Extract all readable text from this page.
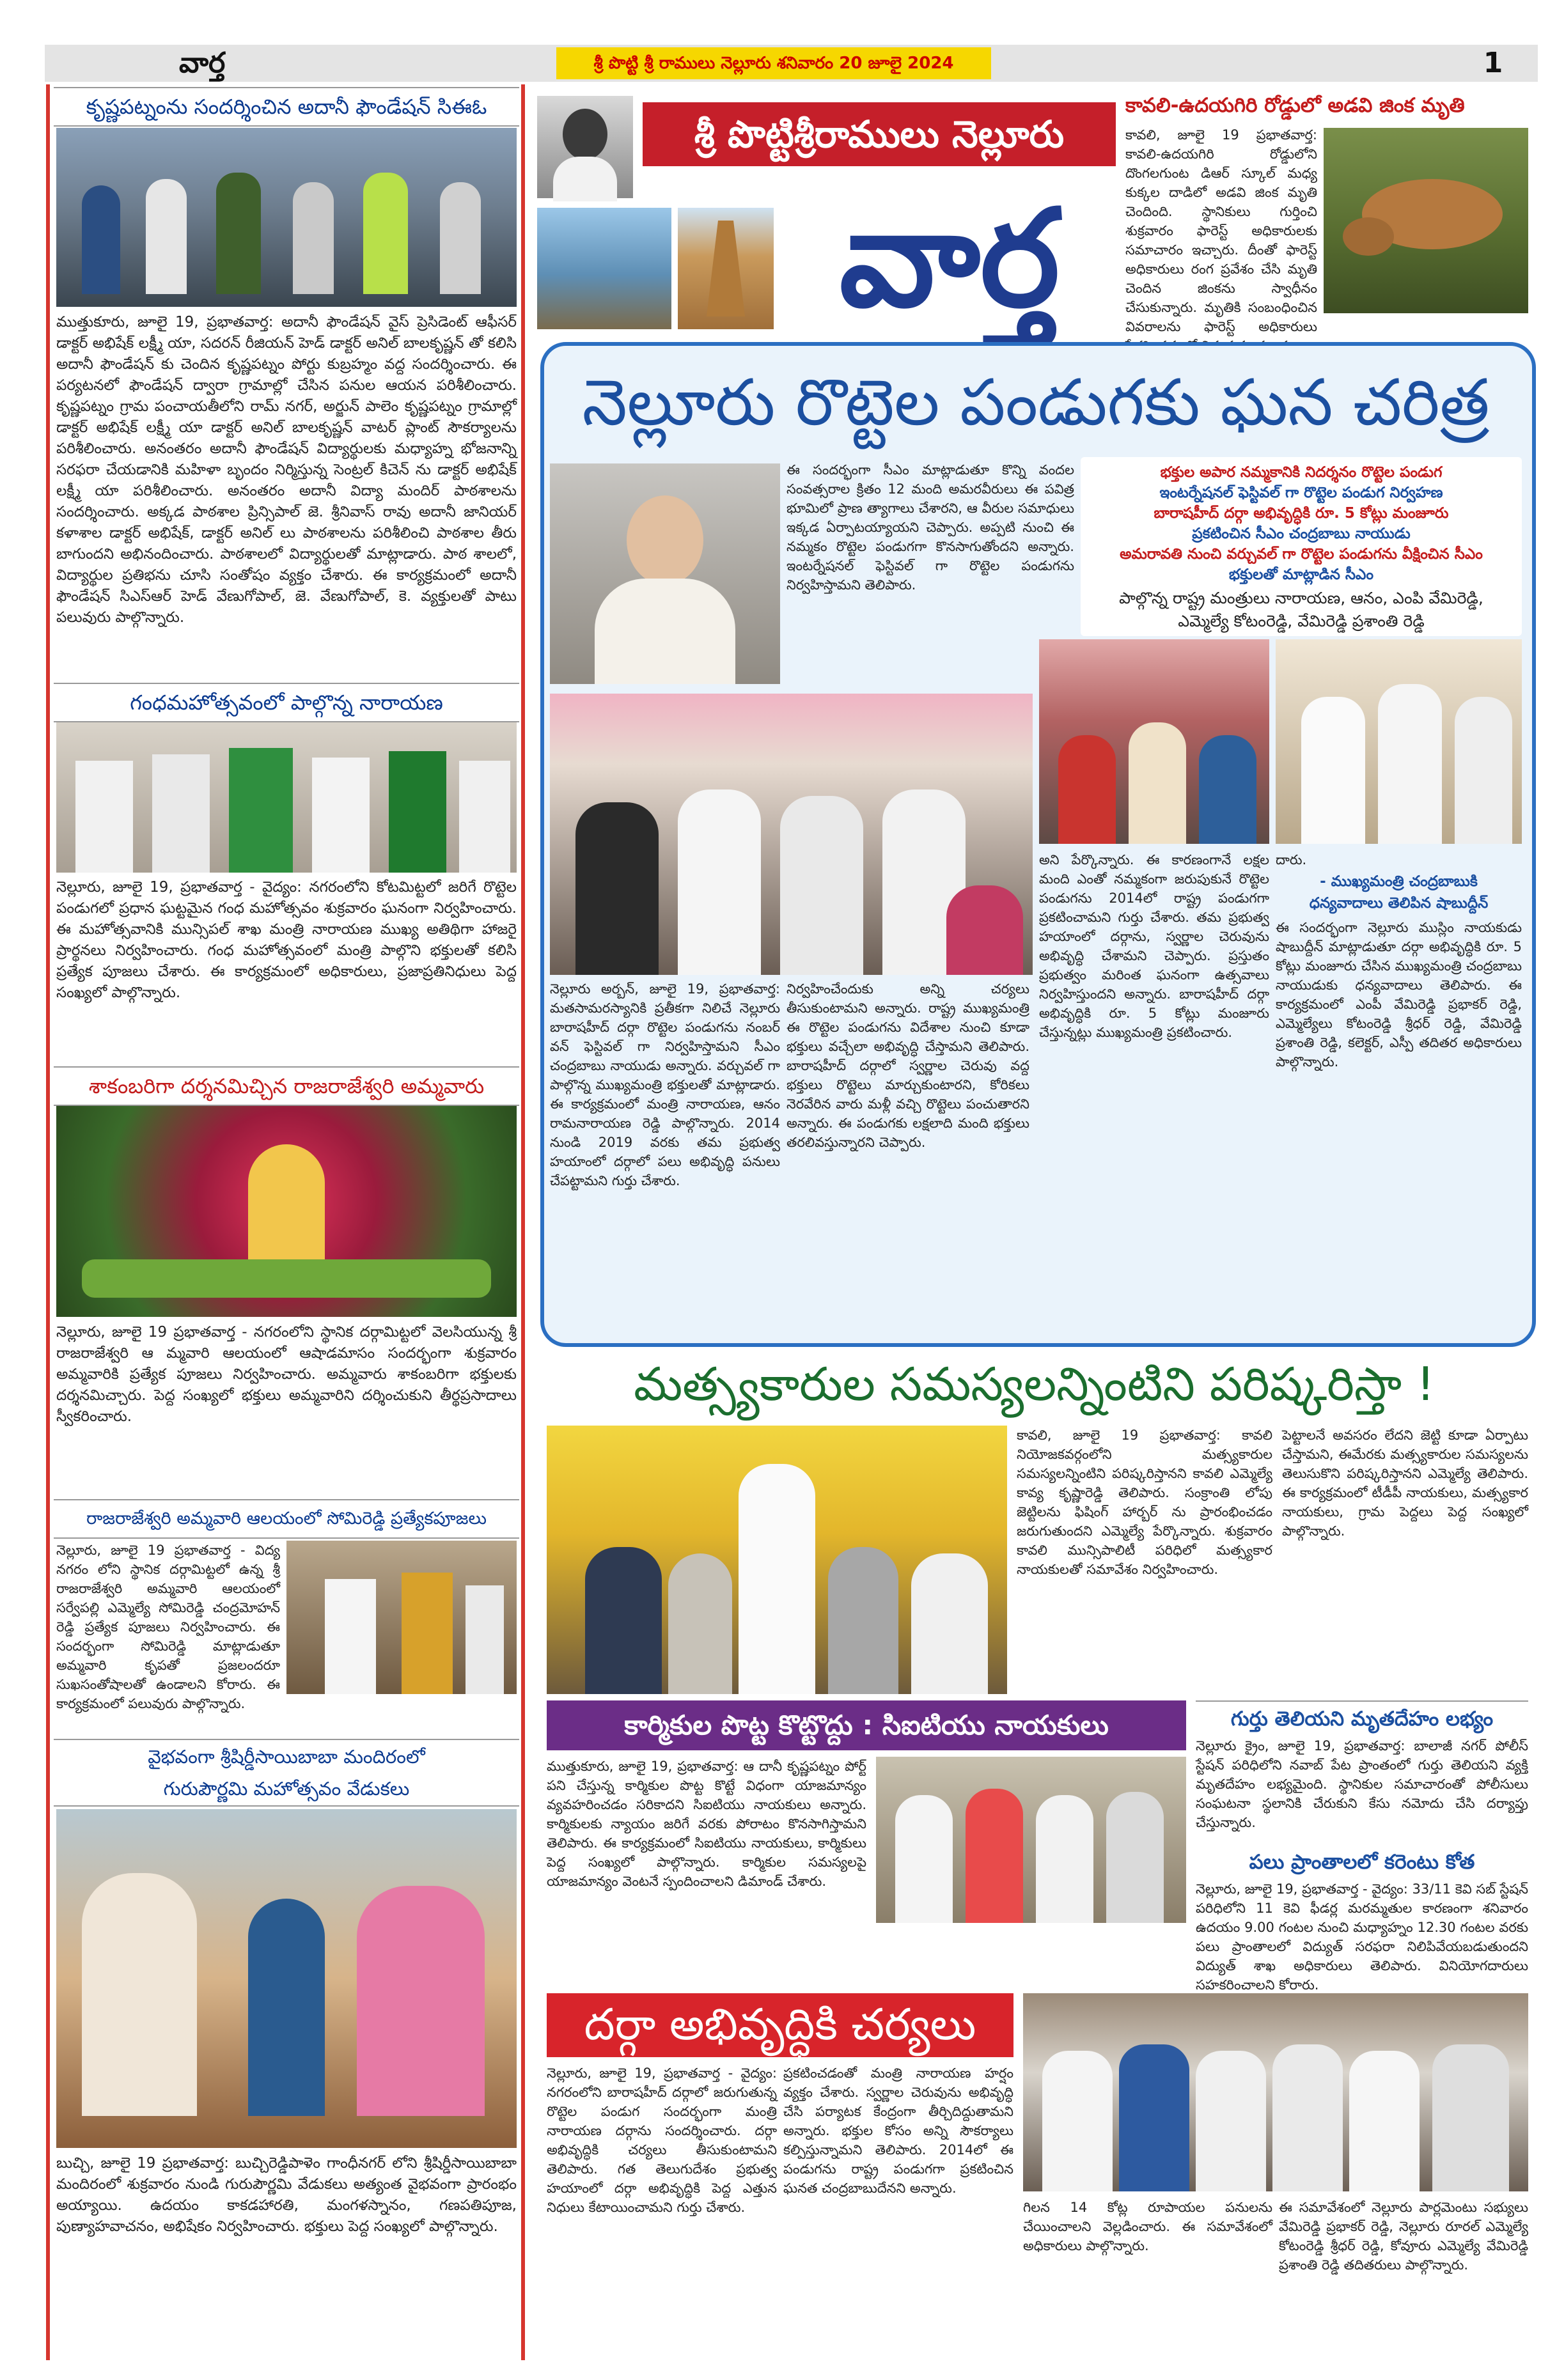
వార్త	శ్రీ పొట్టి శ్రీ రాములు నెల్లూరు శనివారం 20 జూలై 2024	1
కృష్ణపట్నంను సందర్శించిన అదానీ ఫౌండేషన్ సిఈఓ
ముత్తుకూరు, జూలై 19, ప్రభాతవార్త: అదానీ ఫౌండేషన్ వైస్ ప్రెసిడెంట్ ఆఫీసర్ డాక్టర్ అభిషేక్ లక్ష్మీ యా, సదరన్ రీజియన్ హెడ్ డాక్టర్ అనిల్ బాలకృష్ణన్ తో కలిసి అదానీ ఫౌండేషన్ కు చెందిన కృష్ణపట్నం పోర్టు కుబ్రహ్మం వద్ద సందర్శించారు. ఈ పర్యటనలో ఫౌండేషన్ ద్వారా గ్రామాల్లో చేసిన పనుల ఆయన పరిశీలించారు. కృష్ణపట్నం గ్రామ పంచాయతీలోని రామ్ నగర్, అర్జున్ పాలెం కృష్ణపట్నం గ్రామాల్లో డాక్టర్ అభిషేక్ లక్ష్మీ యా డాక్టర్ అనిల్ బాలకృష్ణన్ వాటర్ ప్లాంట్ సౌకర్యాలను పరిశీలించారు. అనంతరం అదానీ ఫౌండేషన్ విద్యార్థులకు మధ్యాహ్న భోజనాన్ని సరఫరా చేయడానికి మహిళా బృందం నిర్మిస్తున్న సెంట్రల్ కిచెన్ ను డాక్టర్ అభిషేక్ లక్ష్మీ యా పరిశీలించారు. అనంతరం అదానీ విద్యా మందిర్ పాఠశాలను సందర్శించారు. అక్కడ పాఠశాల ప్రిన్సిపాల్ జె. శ్రీనివాస్ రావు అదానీ జానియర్ కళాశాల డాక్టర్ అభిషేక్, డాక్టర్ అనిల్ లు పాఠశాలను పరిశీలించి పాఠశాల తీరు బాగుందని అభినందించారు. పాఠశాలలో విద్యార్థులతో మాట్లాడారు. పాఠ శాలలో, విద్యార్థుల ప్రతిభను చూసి సంతోషం వ్యక్తం చేశారు. ఈ కార్యక్రమంలో అదానీ ఫౌండేషన్ సిఎస్ఆర్ హెడ్ వేణుగోపాల్, జె. వేణుగోపాల్, కె. వ్యక్తులతో పాటు పలువురు పాల్గొన్నారు.
గంధమహోత్సవంలో పాల్గొన్న నారాయణ
నెల్లూరు, జూలై 19, ప్రభాతవార్త - వైద్యం: నగరంలోని కోటమిట్టలో జరిగే రొట్టెల పండుగలో ప్రధాన ఘట్టమైన గంధ మహోత్సవం శుక్రవారం ఘనంగా నిర్వహించారు. ఈ మహోత్సవానికి మున్సిపల్ శాఖ మంత్రి నారాయణ ముఖ్య అతిథిగా హాజరై ప్రార్థనలు నిర్వహించారు. గంధ మహోత్సవంలో మంత్రి పాల్గొని భక్తులతో కలిసి ప్రత్యేక పూజలు చేశారు. ఈ కార్యక్రమంలో అధికారులు, ప్రజాప్రతినిధులు పెద్ద సంఖ్యలో పాల్గొన్నారు.
శాకంబరిగా దర్శనమిచ్చిన రాజరాజేశ్వరి అమ్మవారు
నెల్లూరు, జూలై 19 ప్రభాతవార్త - నగరంలోని స్థానిక దర్గామిట్టలో వెలసియున్న శ్రీ రాజరాజేశ్వరి ఆ మ్మవారి ఆలయంలో ఆషాడమాసం సందర్భంగా శుక్రవారం అమ్మవారికి ప్రత్యేక పూజలు నిర్వహించారు. అమ్మవారు శాకంబరిగా భక్తులకు దర్శనమిచ్చారు. పెద్ద సంఖ్యలో భక్తులు అమ్మవారిని దర్శించుకుని తీర్థప్రసాదాలు స్వీకరించారు.
రాజరాజేశ్వరి అమ్మవారి ఆలయంలో సోమిరెడ్డి ప్రత్యేకపూజలు
నెల్లూరు, జూలై 19 ప్రభాతవార్త - విద్య నగరం లోని స్థానిక దర్గామిట్టలో ఉన్న శ్రీ రాజరాజేశ్వరి అమ్మవారి ఆలయంలో సర్వేపల్లి ఎమ్మెల్యే సోమిరెడ్డి చంద్రమోహన్ రెడ్డి ప్రత్యేక పూజలు నిర్వహించారు. ఈ సందర్భంగా సోమిరెడ్డి మాట్లాడుతూ అమ్మవారి కృపతో ప్రజలందరూ సుఖసంతోషాలతో ఉండాలని కోరారు. ఈ కార్యక్రమంలో పలువురు పాల్గొన్నారు.
వైభవంగా శ్రీషిర్డీసాయిబాబా మందిరంలో
గురుపౌర్ణమి మహోత్సవం వేడుకలు
బుచ్చి, జూలై 19 ప్రభాతవార్త: బుచ్చిరెడ్డిపాళెం గాంధీనగర్ లోని శ్రీషిర్డీసాయిబాబా మందిరంలో శుక్రవారం నుండి గురుపౌర్ణమి వేడుకలు అత్యంత వైభవంగా ప్రారంభం అయ్యాయి. ఉదయం కాకడహారతి, మంగళస్నానం, గణపతిపూజ, పుణ్యాహవాచనం, అభిషేకం నిర్వహించారు. భక్తులు పెద్ద సంఖ్యలో పాల్గొన్నారు.
శ్రీ పొట్టిశ్రీరాములు నెల్లూరు
వార్త
కావలి-ఉదయగిరి రోడ్డులో అడవి జింక మృతి
కావలి, జూలై 19 ప్రభాతవార్త: కావలి-ఉదయగిరి రోడ్డులోని దొంగలగుంట డిఆర్ స్కూల్ మధ్య కుక్కల దాడిలో అడవి జింక మృతి చెందింది. స్థానికులు గుర్తించి శుక్రవారం ఫారెస్ట్ అధికారులకు సమాచారం ఇచ్చారు. దీంతో ఫారెస్ట్ అధికారులు రంగ ప్రవేశం చేసి మృతి చెందిన జింకను స్వాధీనం చేసుకున్నారు. మృతికి సంబంధించిన వివరాలను ఫారెస్ట్ అధికారులు
నెల్లూరు రొట్టెల పండుగకు ఘన చరిత్ర
ఈ సందర్భంగా సీఎం మాట్లాడుతూ కొన్ని వందల సంవత్సరాల క్రితం 12 మంది అమరవీరులు ఈ పవిత్ర భూమిలో ప్రాణ త్యాగాలు చేశారని, ఆ వీరుల సమాధులు ఇక్కడ ఏర్పాటయ్యాయని చెప్పారు. అప్పటి నుంచి ఈ నమ్మకం రొట్టెల పండుగగా కొనసాగుతోందని అన్నారు. ఇంటర్నేషనల్ ఫెస్టివల్ గా రొట్టెల పండుగను నిర్వహిస్తామని తెలిపారు.
భక్తుల అపార నమ్మకానికి నిదర్శనం రొట్టెల పండుగ
ఇంటర్నేషనల్ ఫెస్టివల్ గా రొట్టెల పండుగ నిర్వహణ
బారాషహీద్ దర్గా అభివృద్ధికి రూ. 5 కోట్లు మంజూరు
ప్రకటించిన సీఎం చంద్రబాబు నాయుడు
అమరావతి నుంచి వర్చువల్ గా రొట్టెల పండుగను వీక్షించిన సీఎం
భక్తులతో మాట్లాడిన సీఎం
పాల్గొన్న రాష్ట్ర మంత్రులు నారాయణ, ఆనం, ఎంపి వేమిరెడ్డి,
ఎమ్మెల్యే కోటంరెడ్డి, వేమిరెడ్డి ప్రశాంతి రెడ్డి
నెల్లూరు అర్బన్, జూలై 19, ప్రభాతవార్త: మతసామరస్యానికి ప్రతీకగా నిలిచే నెల్లూరు బారాషహీద్ దర్గా రొట్టెల పండుగను నంబర్ వన్ ఫెస్టివల్ గా నిర్వహిస్తామని సీఎం చంద్రబాబు నాయుడు అన్నారు. వర్చువల్ గా పాల్గొన్న ముఖ్యమంత్రి భక్తులతో మాట్లాడారు. ఈ కార్యక్రమంలో మంత్రి నారాయణ, ఆనం రామనారాయణ రెడ్డి పాల్గొన్నారు. 2014 నుండి 2019 వరకు తమ ప్రభుత్వ హయాంలో దర్గాలో పలు అభివృద్ధి పనులు చేపట్టామని గుర్తు చేశారు.
నిర్వహించేందుకు అన్ని చర్యలు తీసుకుంటామని అన్నారు. రాష్ట్ర ముఖ్యమంత్రి ఈ రొట్టెల పండుగను విదేశాల నుంచి కూడా భక్తులు వచ్చేలా అభివృద్ధి చేస్తామని తెలిపారు. బారాషహీద్ దర్గాలో స్వర్ణాల చెరువు వద్ద భక్తులు రొట్టెలు మార్చుకుంటారని, కోరికలు నెరవేరిన వారు మళ్లీ వచ్చి రొట్టెలు పంచుతారని అన్నారు. ఈ పండుగకు లక్షలాది మంది భక్తులు తరలివస్తున్నారని చెప్పారు.
అని పేర్కొన్నారు. ఈ కారణంగానే లక్షల మంది ఎంతో నమ్మకంగా జరుపుకునే రొట్టెల పండుగను 2014లో రాష్ట్ర పండుగగా ప్రకటించామని గుర్తు చేశారు. తమ ప్రభుత్వ హయాంలో దర్గాను, స్వర్ణాల చెరువును అభివృద్ధి చేశామని చెప్పారు. ప్రస్తుతం ప్రభుత్వం మరింత ఘనంగా ఉత్సవాలు నిర్వహిస్తుందని అన్నారు. బారాషహీద్ దర్గా అభివృద్ధికి రూ. 5 కోట్లు మంజూరు చేస్తున్నట్లు ముఖ్యమంత్రి ప్రకటించారు.
దారు.
- ముఖ్యమంత్రి చంద్రబాబుకి
ధన్యవాదాలు తెలిపిన షాబుద్దీన్
ఈ సందర్భంగా నెల్లూరు ముస్లిం నాయకుడు షాబుద్దీన్ మాట్లాడుతూ దర్గా అభివృద్ధికి రూ. 5 కోట్లు మంజూరు చేసిన ముఖ్యమంత్రి చంద్రబాబు నాయుడుకు ధన్యవాదాలు తెలిపారు. ఈ కార్యక్రమంలో ఎంపీ వేమిరెడ్డి ప్రభాకర్ రెడ్డి, ఎమ్మెల్యేలు కోటంరెడ్డి శ్రీధర్ రెడ్డి, వేమిరెడ్డి ప్రశాంతి రెడ్డి, కలెక్టర్, ఎస్పీ తదితర అధికారులు పాల్గొన్నారు.
మత్స్యకారుల సమస్యలన్నింటిని పరిష్కరిస్తా !
కావలి, జూలై 19 ప్రభాతవార్త: కావలి నియోజకవర్గంలోని మత్స్యకారుల సమస్యలన్నింటిని పరిష్కరిస్తానని కావలి ఎమ్మెల్యే కావ్య కృష్ణారెడ్డి తెలిపారు. సంక్రాంతి లోపు జెట్టిలను ఫిషింగ్ హార్బర్ ను ప్రారంభించడం జరుగుతుందని ఎమ్మెల్యే పేర్కొన్నారు. శుక్రవారం కావలి మున్సిపాలిటీ పరిధిలో మత్స్యకార నాయకులతో సమావేశం నిర్వహించారు.
పెట్టాలనే అవసరం లేదని జెట్టి కూడా ఏర్పాటు చేస్తామని, ఈమేరకు మత్స్యకారుల సమస్యలను తెలుసుకొని పరిష్కరిస్తానని ఎమ్మెల్యే తెలిపారు. ఈ కార్యక్రమంలో టీడీపీ నాయకులు, మత్స్యకార నాయకులు, గ్రామ పెద్దలు పెద్ద సంఖ్యలో పాల్గొన్నారు.
కార్మికుల పొట్ట కొట్టొద్దు : సిఐటియు నాయకులు
ముత్తుకూరు, జూలై 19, ప్రభాతవార్త: ఆ దానీ కృష్ణపట్నం పోర్ట్ పని చేస్తున్న కార్మికుల పొట్ట కొట్టే విధంగా యాజమాన్యం వ్యవహరించడం సరికాదని సిఐటియు నాయకులు అన్నారు. కార్మికులకు న్యాయం జరిగే వరకు పోరాటం కొనసాగిస్తామని తెలిపారు. ఈ కార్యక్రమంలో సిఐటియు నాయకులు, కార్మికులు పెద్ద సంఖ్యలో పాల్గొన్నారు. కార్మికుల సమస్యలపై యాజమాన్యం వెంటనే స్పందించాలని డిమాండ్ చేశారు.
గుర్తు తెలియని మృతదేహం లభ్యం
నెల్లూరు క్రైం, జూలై 19, ప్రభాతవార్త: బాలాజీ నగర్ పోలీస్ స్టేషన్ పరిధిలోని నవాబ్ పేట ప్రాంతంలో గుర్తు తెలియని వ్యక్తి మృతదేహం లభ్యమైంది. స్థానికుల సమాచారంతో పోలీసులు సంఘటనా స్థలానికి చేరుకుని కేసు నమోదు చేసి దర్యాప్తు చేస్తున్నారు.
పలు ప్రాంతాలలో కరెంటు కోత
నెల్లూరు, జూలై 19, ప్రభాతవార్త - వైద్యం: 33/11 కెవి సబ్ స్టేషన్ పరిధిలోని 11 కెవి ఫీడర్ల మరమ్మతుల కారణంగా శనివారం ఉదయం 9.00 గంటల నుంచి మధ్యాహ్నం 12.30 గంటల వరకు పలు ప్రాంతాలలో విద్యుత్ సరఫరా నిలిపివేయబడుతుందని విద్యుత్ శాఖ అధికారులు తెలిపారు. వినియోగదారులు సహకరించాలని కోరారు.
దర్గా అభివృద్ధికి చర్యలు
నెల్లూరు, జూలై 19, ప్రభాతవార్త - వైద్యం: నగరంలోని బారాషహీద్ దర్గాలో జరుగుతున్న రొట్టెల పండుగ సందర్భంగా మంత్రి నారాయణ దర్గాను సందర్శించారు. దర్గా అభివృద్ధికి చర్యలు తీసుకుంటామని తెలిపారు. గత తెలుగుదేశం ప్రభుత్వ హయాంలో దర్గా అభివృద్ధికి పెద్ద ఎత్తున నిధులు కేటాయించామని గుర్తు చేశారు.
ప్రకటించడంతో మంత్రి నారాయణ హర్షం వ్యక్తం చేశారు. స్వర్ణాల చెరువును అభివృద్ధి చేసి పర్యాటక కేంద్రంగా తీర్చిదిద్దుతామని అన్నారు. భక్తుల కోసం అన్ని సౌకర్యాలు కల్పిస్తున్నామని తెలిపారు. 2014లో ఈ పండుగను రాష్ట్ర పండుగగా ప్రకటించిన ఘనత చంద్రబాబుదేనని అన్నారు.
గిలన 14 కోట్ల రూపాయల పనులను చేయించాలని వెల్లడించారు. ఈ సమావేశంలో అధికారులు పాల్గొన్నారు.
ఈ సమావేశంలో నెల్లూరు పార్లమెంటు సభ్యులు వేమిరెడ్డి ప్రభాకర్ రెడ్డి, నెల్లూరు రూరల్ ఎమ్మెల్యే కోటంరెడ్డి శ్రీధర్ రెడ్డి, కోవూరు ఎమ్మెల్యే వేమిరెడ్డి ప్రశాంతి రెడ్డి తదితరులు పాల్గొన్నారు.
